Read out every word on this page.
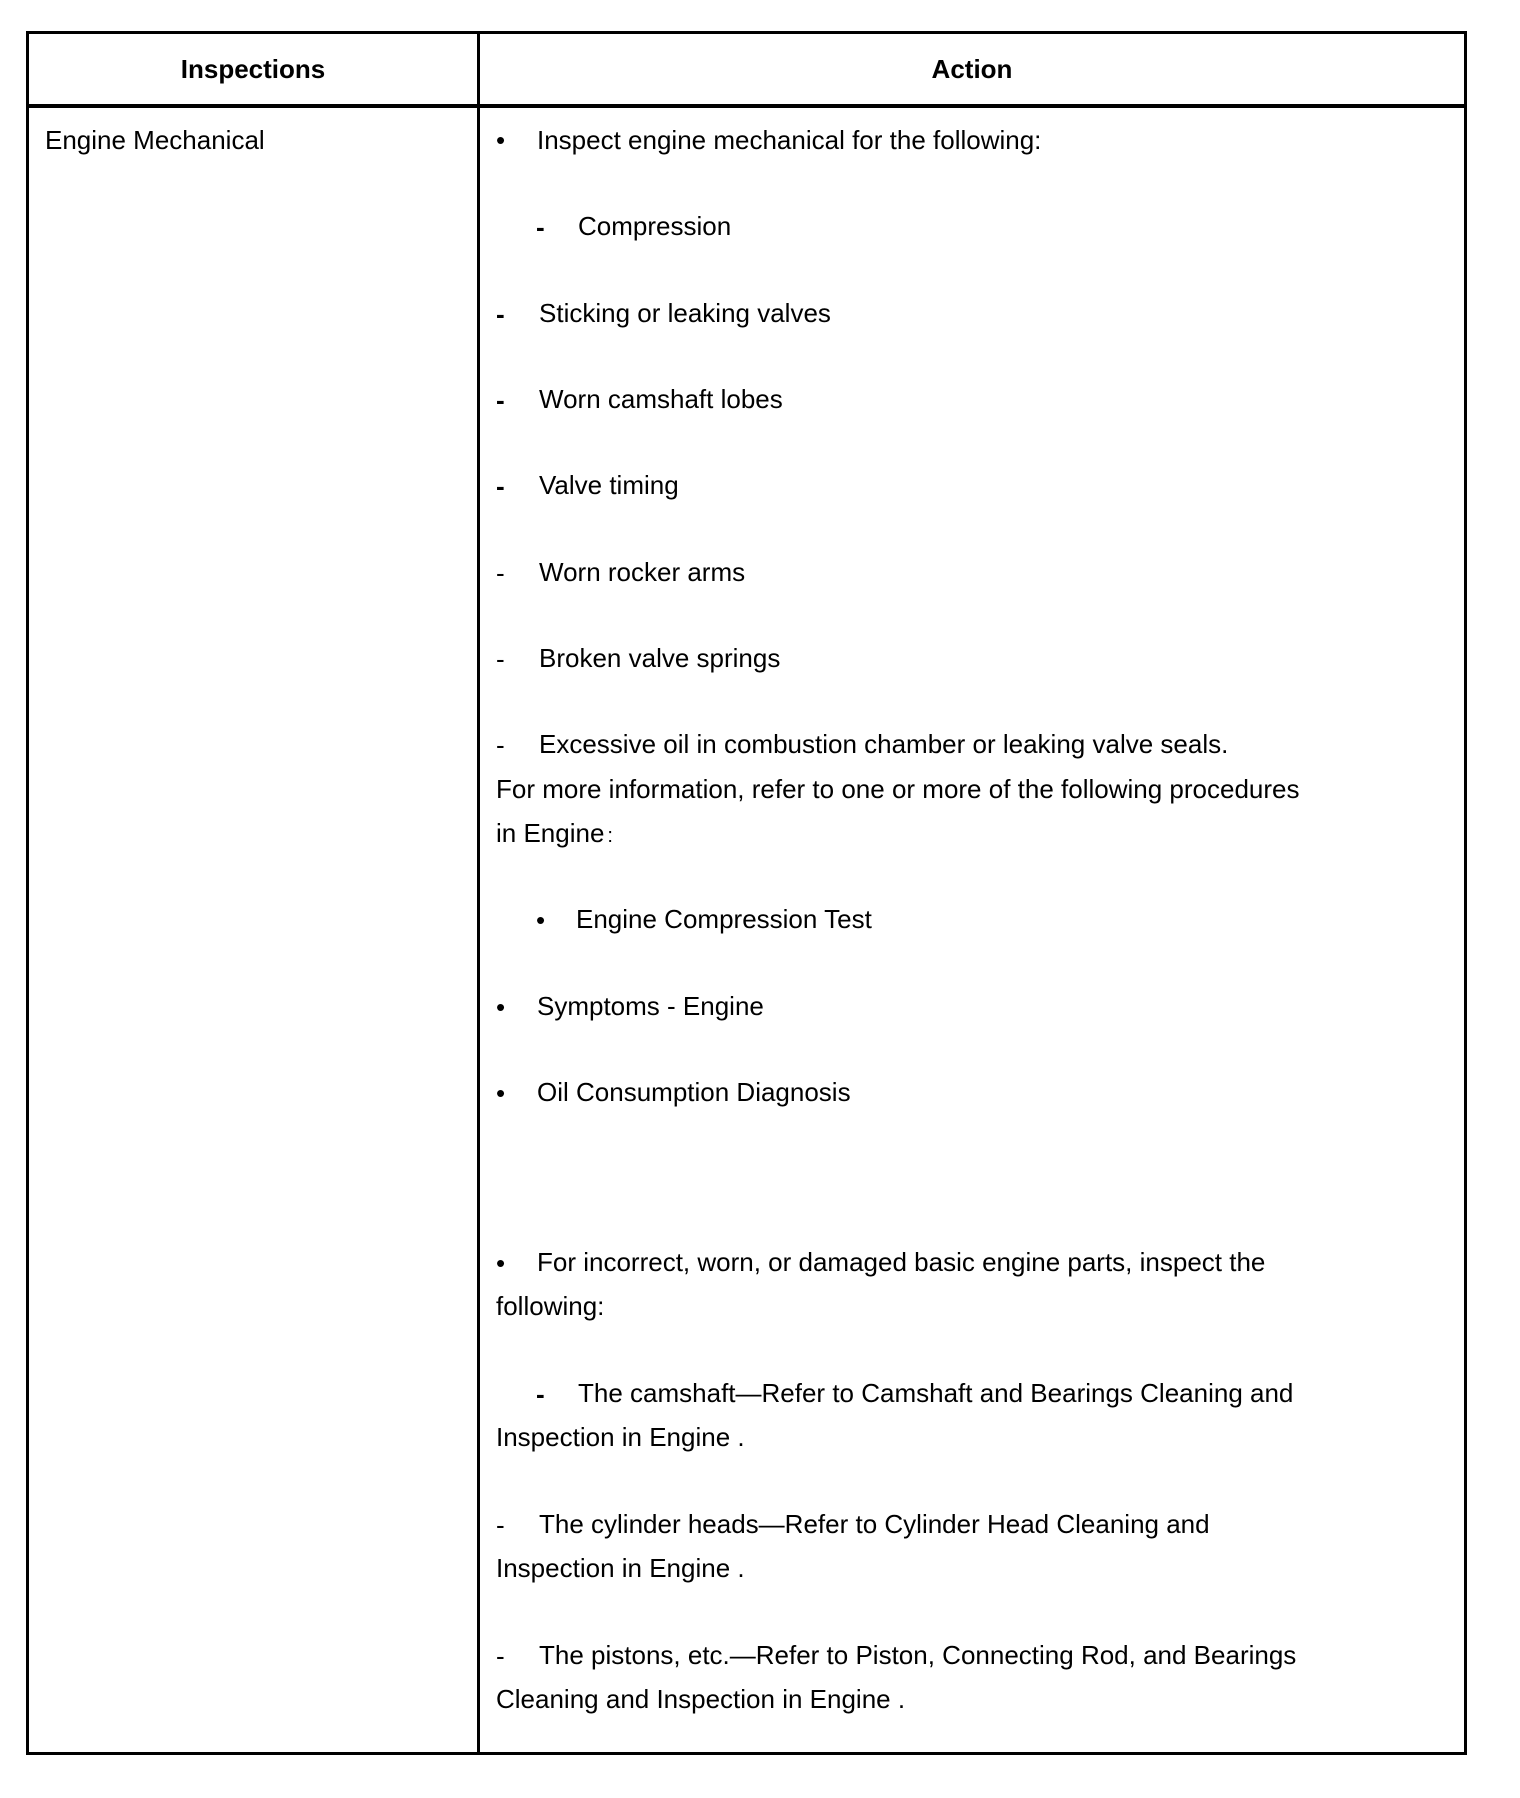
Inspections	Action
Engine Mechanical	• Inspect engine mechanical for the following:
- Compression
- Sticking or leaking valves
- Worn camshaft lobes
- Valve timing
- Worn rocker arms
- Broken valve springs
- Excessive oil in combustion chamber or leaking valve seals.
For more information, refer to one or more of the following procedures
in Engine :
• Engine Compression Test
• Symptoms - Engine
• Oil Consumption Diagnosis
• For incorrect, worn, or damaged basic engine parts, inspect the
following:
- The camshaft—Refer to Camshaft and Bearings Cleaning and
Inspection in Engine .
- The cylinder heads—Refer to Cylinder Head Cleaning and
Inspection in Engine .
- The pistons, etc.—Refer to Piston, Connecting Rod, and Bearings
Cleaning and Inspection in Engine .
